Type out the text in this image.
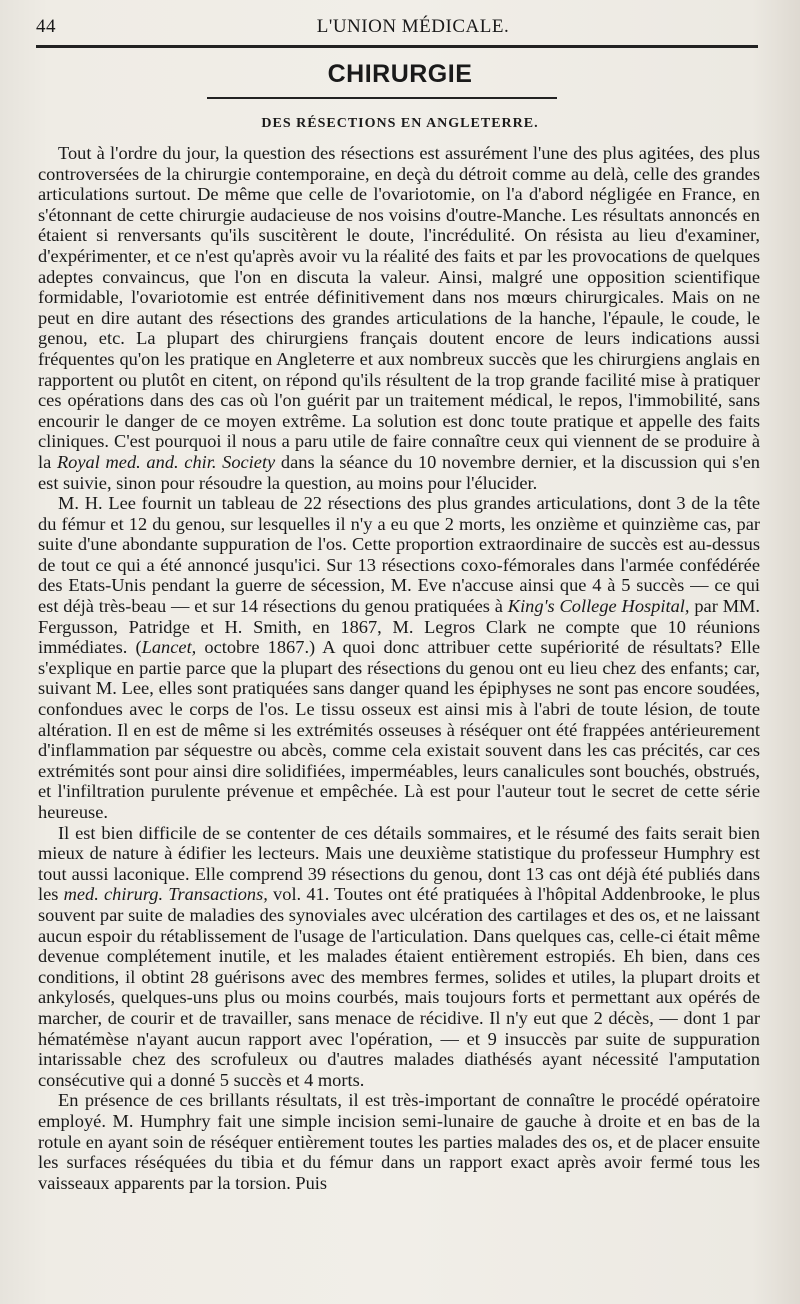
44	L'UNION MÉDICALE.
CHIRURGIE
DES RÉSECTIONS EN ANGLETERRE.

Tout à l'ordre du jour, la question des résections est assurément l'une des plus agitées, des plus controversées de la chirurgie contemporaine, en deçà du détroit comme au delà, celle des grandes articulations surtout. De même que celle de l'ovariotomie, on l'a d'abord négligée en France, en s'étonnant de cette chirurgie audacieuse de nos voisins d'outre-Manche. Les résultats annoncés en étaient si renversants qu'ils suscitèrent le doute, l'incrédulité. On résista au lieu d'examiner, d'expérimenter, et ce n'est qu'après avoir vu la réalité des faits et par les provocations de quelques adeptes convaincus, que l'on en discuta la valeur. Ainsi, malgré une opposition scientifique formidable, l'ovariotomie est entrée définitivement dans nos mœurs chirurgicales. Mais on ne peut en dire autant des résections des grandes articulations de la hanche, l'épaule, le coude, le genou, etc. La plupart des chirurgiens français doutent encore de leurs indications aussi fréquentes qu'on les pratique en Angleterre et aux nombreux succès que les chirurgiens anglais en rapportent ou plutôt en citent, on répond qu'ils résultent de la trop grande facilité mise à pratiquer ces opérations dans des cas où l'on guérit par un traitement médical, le repos, l'immobilité, sans encourir le danger de ce moyen extrême. La solution est donc toute pratique et appelle des faits cliniques. C'est pourquoi il nous a paru utile de faire connaître ceux qui viennent de se produire à la Royal med. and. chir. Society dans la séance du 10 novembre dernier, et la discussion qui s'en est suivie, sinon pour résoudre la question, au moins pour l'élucider.

M. H. Lee fournit un tableau de 22 résections des plus grandes articulations, dont 3 de la tête du fémur et 12 du genou, sur lesquelles il n'y a eu que 2 morts, les onzième et quinzième cas, par suite d'une abondante suppuration de l'os. Cette proportion extraordinaire de succès est au-dessus de tout ce qui a été annoncé jusqu'ici. Sur 13 résections coxo-fémorales dans l'armée confédérée des Etats-Unis pendant la guerre de sécession, M. Eve n'accuse ainsi que 4 à 5 succès — ce qui est déjà très-beau — et sur 14 résections du genou pratiquées à King's College Hospital, par MM. Fergusson, Patridge et H. Smith, en 1867, M. Legros Clark ne compte que 10 réunions immédiates. (Lancet, octobre 1867.) A quoi donc attribuer cette supériorité de résultats? Elle s'explique en partie parce que la plupart des résections du genou ont eu lieu chez des enfants; car, suivant M. Lee, elles sont pratiquées sans danger quand les épiphyses ne sont pas encore soudées, confondues avec le corps de l'os. Le tissu osseux est ainsi mis à l'abri de toute lésion, de toute altération. Il en est de même si les extrémités osseuses à réséquer ont été frappées antérieurement d'inflammation par séquestre ou abcès, comme cela existait souvent dans les cas précités, car ces extrémités sont pour ainsi dire solidifiées, imperméables, leurs canalicules sont bouchés, obstrués, et l'infiltration purulente prévenue et empêchée. Là est pour l'auteur tout le secret de cette série heureuse.

Il est bien difficile de se contenter de ces détails sommaires, et le résumé des faits serait bien mieux de nature à édifier les lecteurs. Mais une deuxième statistique du professeur Humphry est tout aussi laconique. Elle comprend 39 résections du genou, dont 13 cas ont déjà été publiés dans les med. chirurg. Transactions, vol. 41. Toutes ont été pratiquées à l'hôpital Addenbrooke, le plus souvent par suite de maladies des synoviales avec ulcération des cartilages et des os, et ne laissant aucun espoir du rétablissement de l'usage de l'articulation. Dans quelques cas, celle-ci était même devenue complétement inutile, et les malades étaient entièrement estropiés. Eh bien, dans ces conditions, il obtint 28 guérisons avec des membres fermes, solides et utiles, la plupart droits et ankylosés, quelques-uns plus ou moins courbés, mais toujours forts et permettant aux opérés de marcher, de courir et de travailler, sans menace de récidive. Il n'y eut que 2 décès, — dont 1 par hématémèse n'ayant aucun rapport avec l'opération, — et 9 insuccès par suite de suppuration intarissable chez des scrofuleux ou d'autres malades diathésés ayant nécessité l'amputation consécutive qui a donné 5 succès et 4 morts.

En présence de ces brillants résultats, il est très-important de connaître le procédé opératoire employé. M. Humphry fait une simple incision semi-lunaire de gauche à droite et en bas de la rotule en ayant soin de réséquer entièrement toutes les parties malades des os, et de placer ensuite les surfaces réséquées du tibia et du fémur dans un rapport exact après avoir fermé tous les vaisseaux apparents par la torsion. Puis
